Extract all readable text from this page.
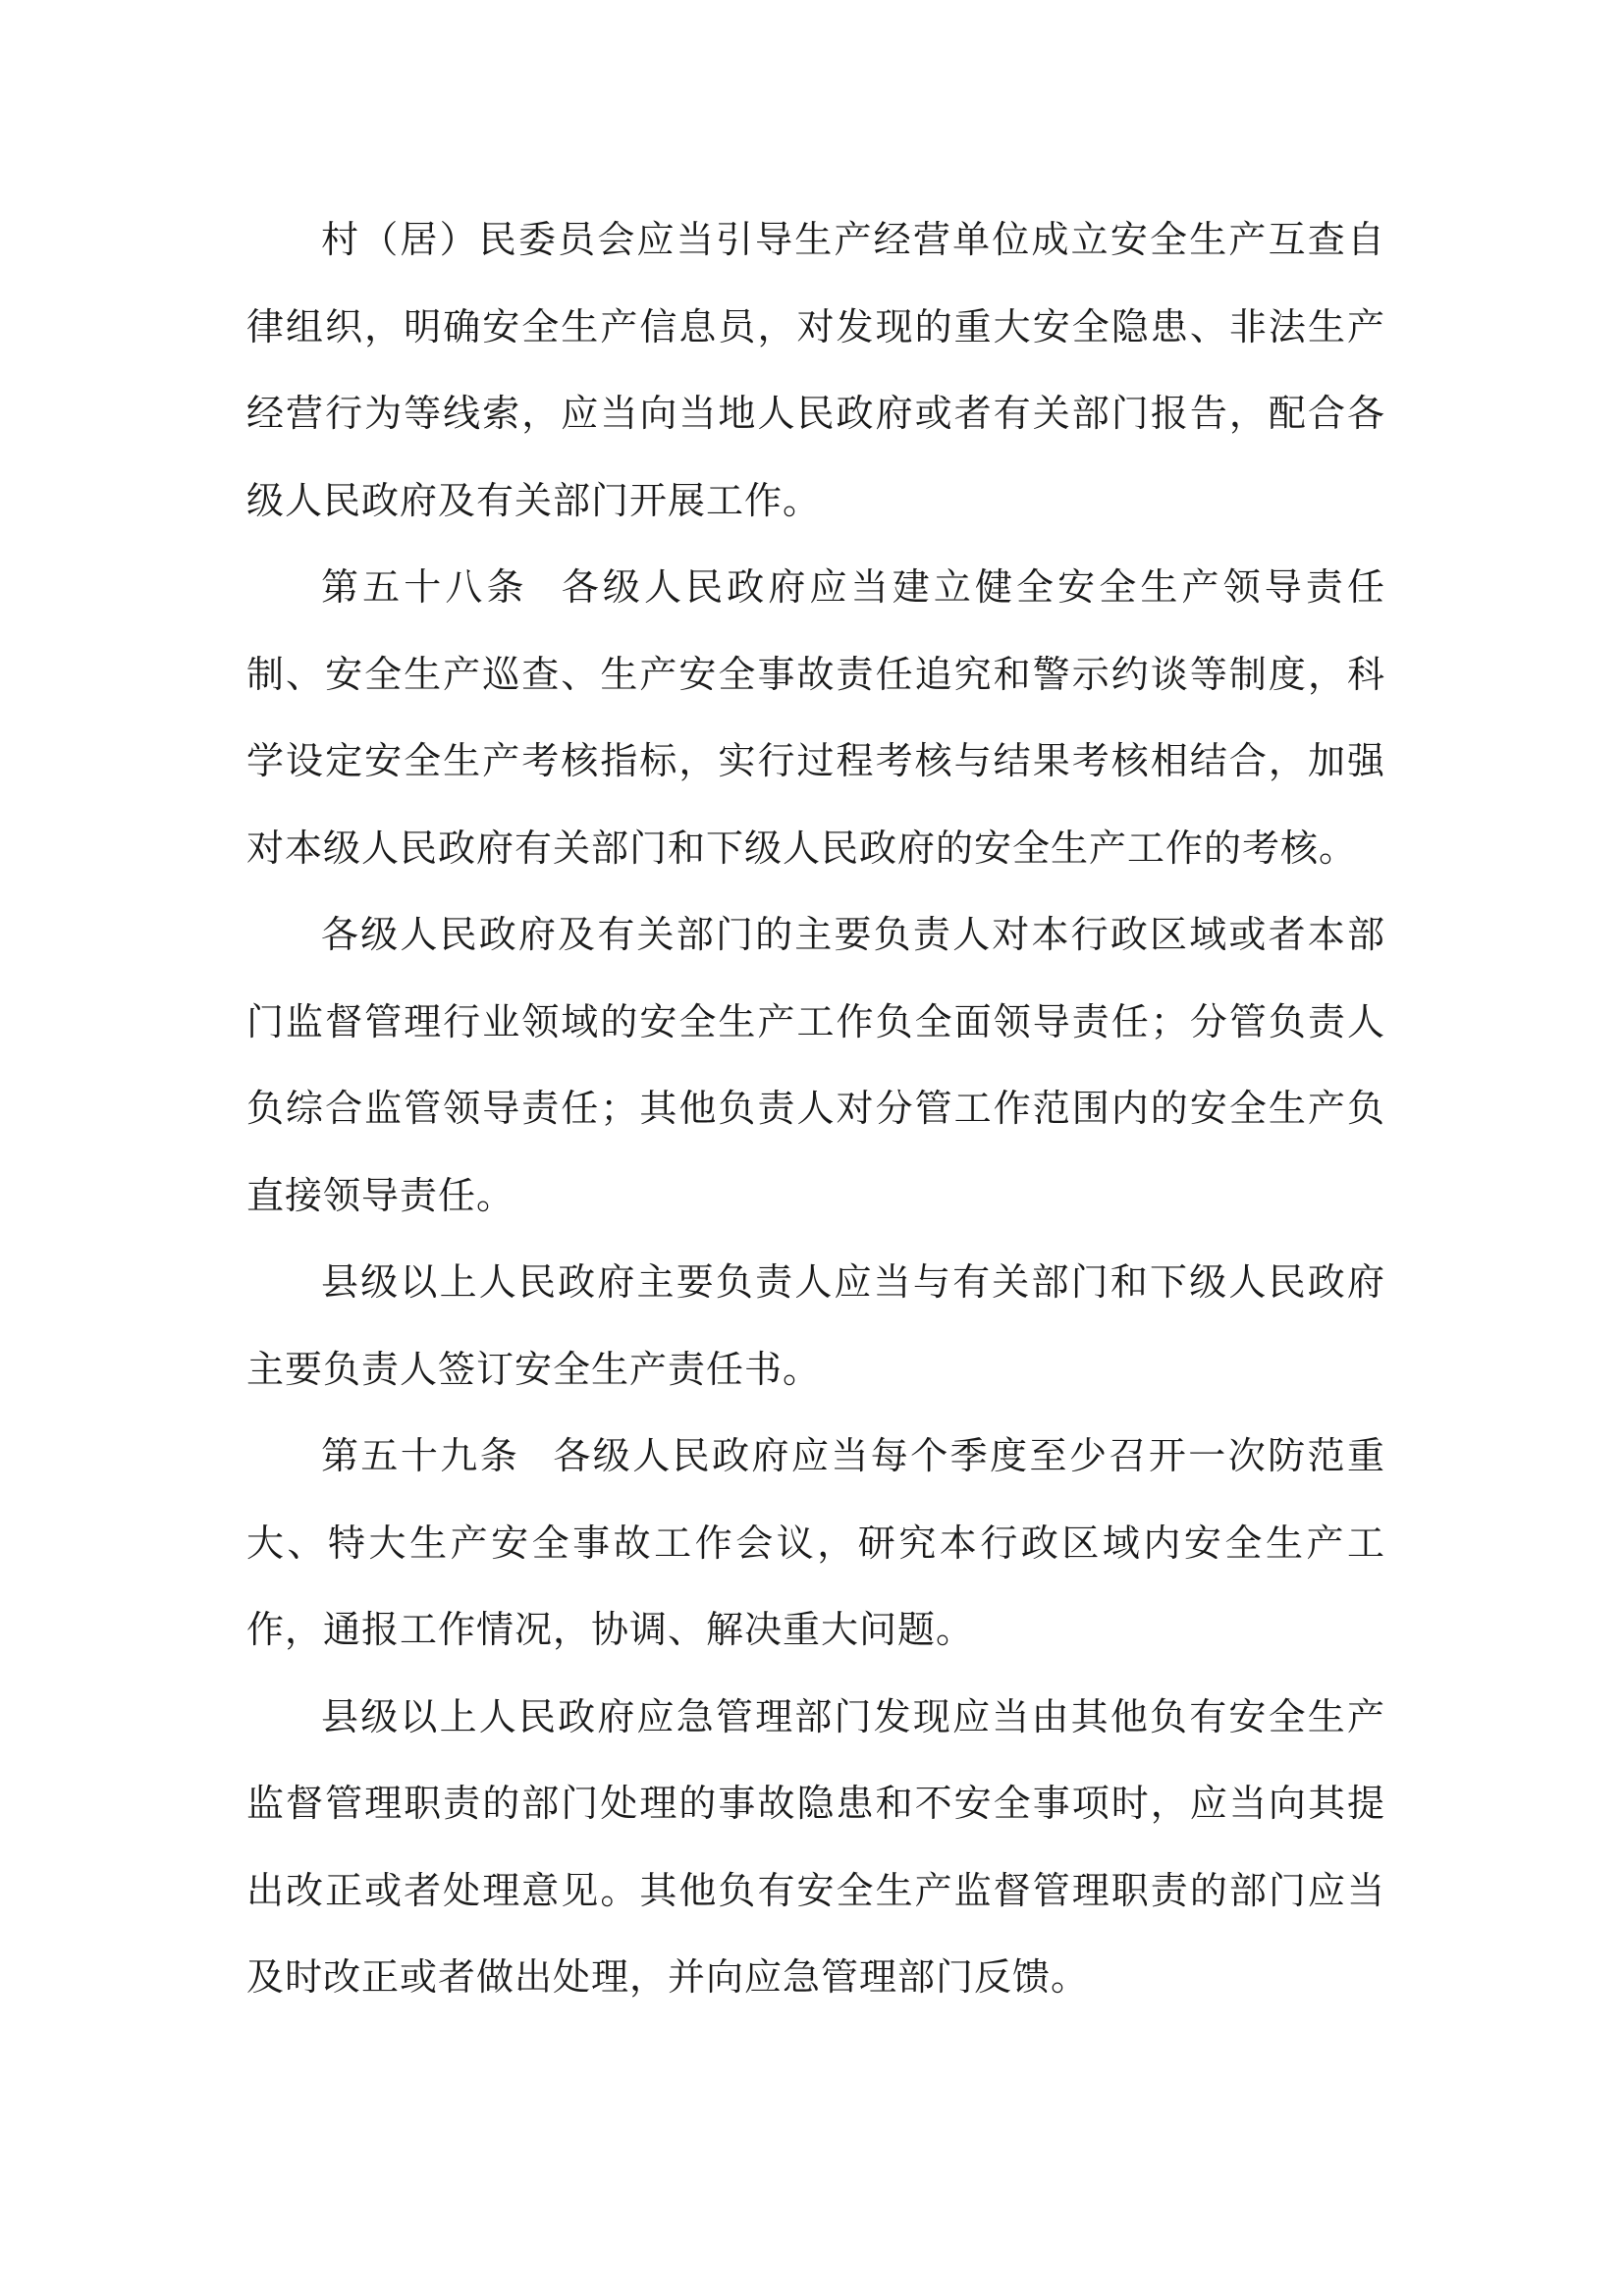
村（居）民委员会应当引导生产经营单位成立安全生产互查自律组织，明确安全生产信息员，对发现的重大安全隐患、非法生产经营行为等线索，应当向当地人民政府或者有关部门报告，配合各级人民政府及有关部门开展工作。

第五十八条 各级人民政府应当建立健全安全生产领导责任制、安全生产巡查、生产安全事故责任追究和警示约谈等制度，科学设定安全生产考核指标，实行过程考核与结果考核相结合，加强对本级人民政府有关部门和下级人民政府的安全生产工作的考核。

各级人民政府及有关部门的主要负责人对本行政区域或者本部门监督管理行业领域的安全生产工作负全面领导责任；分管负责人负综合监管领导责任；其他负责人对分管工作范围内的安全生产负直接领导责任。

县级以上人民政府主要负责人应当与有关部门和下级人民政府主要负责人签订安全生产责任书。

第五十九条 各级人民政府应当每个季度至少召开一次防范重大、特大生产安全事故工作会议，研究本行政区域内安全生产工作，通报工作情况，协调、解决重大问题。

县级以上人民政府应急管理部门发现应当由其他负有安全生产监督管理职责的部门处理的事故隐患和不安全事项时，应当向其提出改正或者处理意见。其他负有安全生产监督管理职责的部门应当及时改正或者做出处理，并向应急管理部门反馈。
